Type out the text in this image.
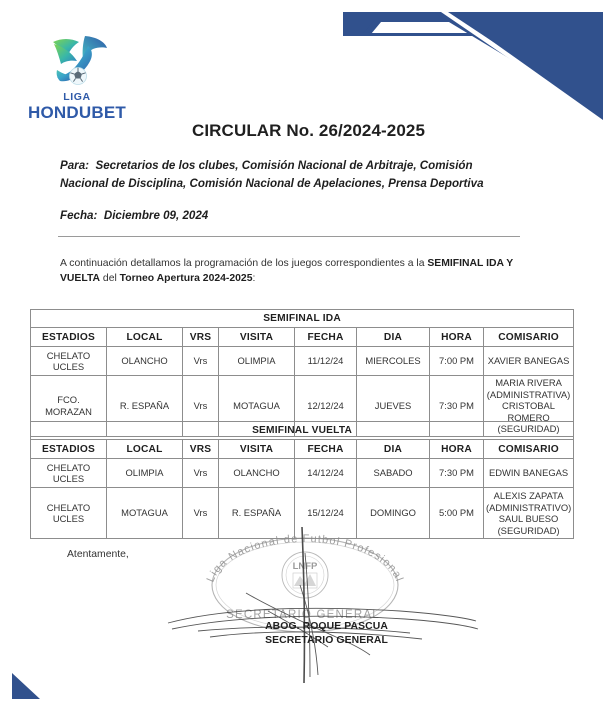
LIGA
HONDUBET
CIRCULAR No. 26/2024-2025
Para: Secretarios de los clubes, Comisión Nacional de Arbitraje, Comisión
Nacional de Disciplina, Comisión Nacional de Apelaciones, Prensa Deportiva
Fecha: Diciembre 09, 2024
A continuación detallamos la programación de los juegos correspondientes a la SEMIFINAL IDA Y VUELTA del Torneo Apertura 2024-2025:
SEMIFINAL IDA							
ESTADIOS	LOCAL	VRS	VISITA	FECHA	DIA	HORA	COMISARIO
CHELATO UCLES	OLANCHO	Vrs	OLIMPIA	11/12/24	MIERCOLES	7:00 PM	XAVIER BANEGAS
FCO. MORAZAN	R. ESPAÑA	Vrs	MOTAGUA	12/12/24	JUEVES	7:30 PM	MARIA RIVERA (ADMINISTRATIVA) CRISTOBAL ROMERO (SEGURIDAD)
SEMIFINAL VUELTA							
ESTADIOS	LOCAL	VRS	VISITA	FECHA	DIA	HORA	COMISARIO
CHELATO UCLES	OLIMPIA	Vrs	OLANCHO	14/12/24	SABADO	7:30 PM	EDWIN BANEGAS
CHELATO UCLES	MOTAGUA	Vrs	R. ESPAÑA	15/12/24	DOMINGO	5:00 PM	ALEXIS ZAPATA (ADMINISTRATIVO) SAUL BUESO (SEGURIDAD)
Atentamente,
Liga Nacional de Futbol Profesional
LNFP
SECRETARIO GENERAL
ABOG. ROQUE PASCUA
SECRETARIO GENERAL
